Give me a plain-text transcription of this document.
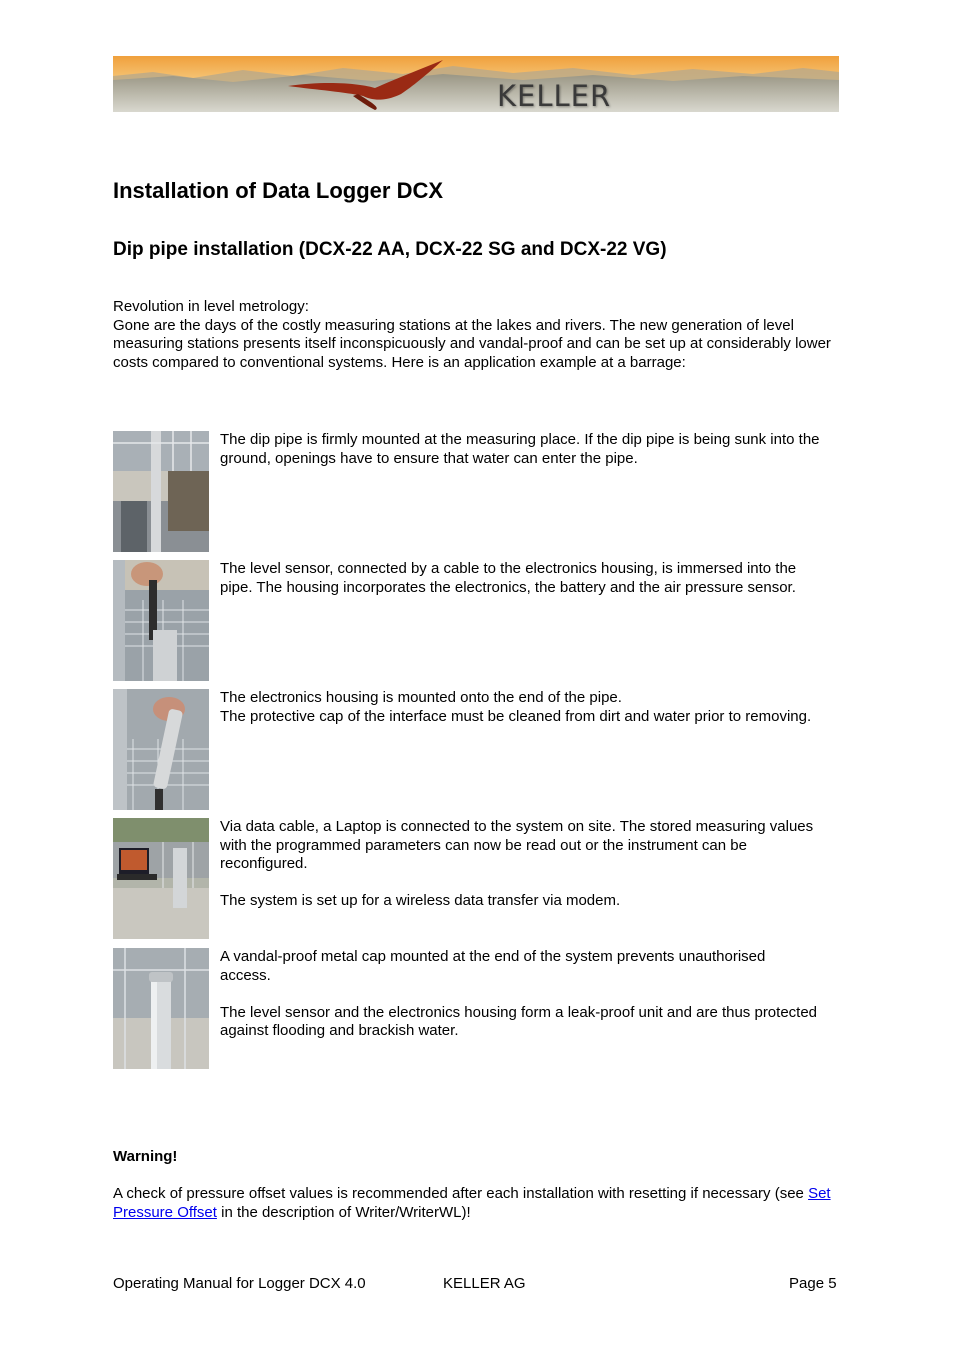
KELLER
Installation of Data Logger DCX
Dip pipe installation (DCX-22 AA, DCX-22 SG and DCX-22 VG)

Revolution in level metrology:

Gone are the days of the costly measuring stations at the lakes and rivers. The new generation of level measuring stations presents itself inconspicuously and vandal-proof and can be set up at considerably lower costs compared to conventional systems. Here is an application example at a barrage:

The dip pipe is firmly mounted at the measuring place. If the dip pipe is being sunk into the ground, openings have to ensure that water can enter the pipe.

The level sensor, connected by a cable to the electronics housing, is immersed into the pipe. The housing incorporates the electronics, the battery and the air pressure sensor.

The electronics housing is mounted onto the end of the pipe.

The protective cap of the interface must be cleaned from dirt and water prior to removing.

Via data cable, a Laptop is connected to the system on site. The stored measuring values with the programmed parameters can now be read out or the instrument can be reconfigured.

The system is set up for a wireless data transfer via modem.

A vandal-proof metal cap mounted at the end of the system prevents unauthorised access.

The level sensor and the electronics housing form a leak-proof unit and are thus protected against flooding and brackish water.

Warning!
A check of pressure offset values is recommended after each installation with resetting if necessary (see Set Pressure Offset in the description of Writer/WriterWL)!
Operating Manual for Logger DCX 4.0	KELLER AG	Page 5
